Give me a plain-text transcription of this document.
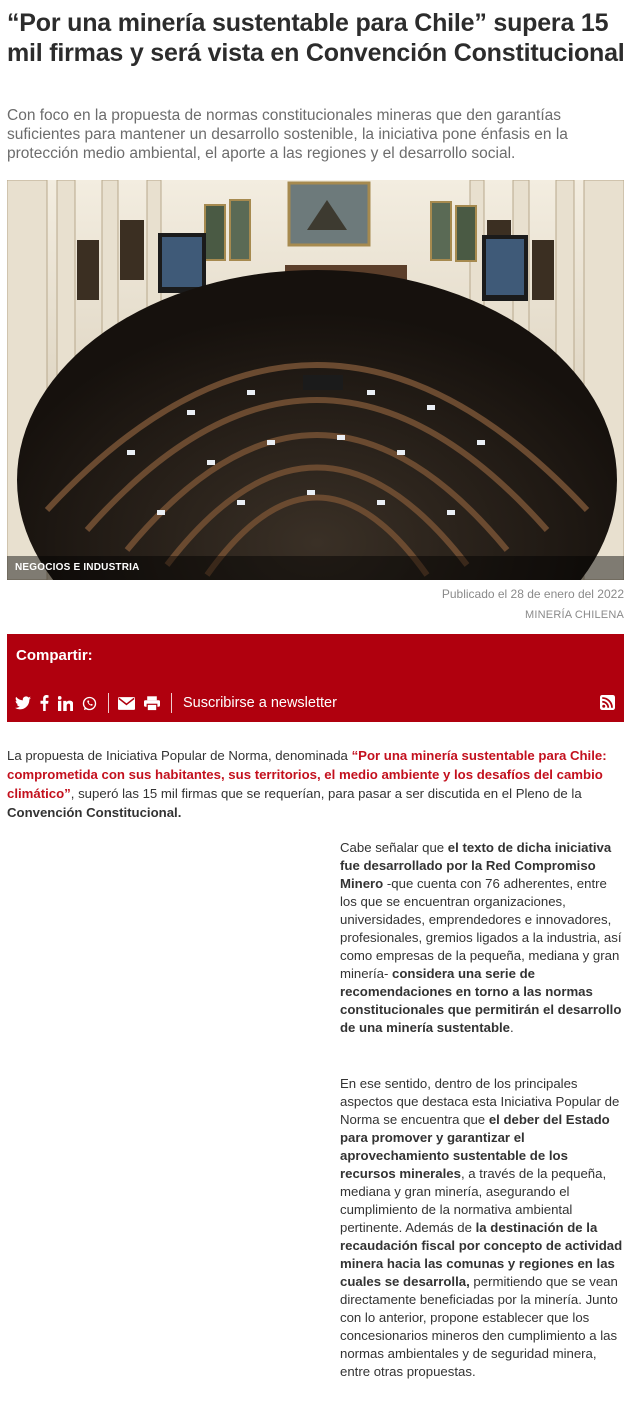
“Por una minería sustentable para Chile” supera 15 mil firmas y será vista en Convención Constitucional

Con foco en la propuesta de normas constitucionales mineras que den garantías suficientes para mantener un desarrollo sostenible, la iniciativa pone énfasis en la protección medio ambiental, el aporte a las regiones y el desarrollo social.

NEGOCIOS E INDUSTRIA
Publicado el 28 de enero del 2022
MINERÍA CHILENA
Compartir:
Suscribirse a newsletter

La propuesta de Iniciativa Popular de Norma, denominada “Por una minería sustentable para Chile: comprometida con sus habitantes, sus territorios, el medio ambiente y los desafíos del cambio climático”, superó las 15 mil firmas que se requerían, para pasar a ser discutida en el Pleno de la Convención Constitucional.

Cabe señalar que el texto de dicha iniciativa fue desarrollado por la Red Compromiso Minero -que cuenta con 76 adherentes, entre los que se encuentran organizaciones, universidades, emprendedores e innovadores, profesionales, gremios ligados a la industria, así como empresas de la pequeña, mediana y gran minería- considera una serie de recomendaciones en torno a las normas constitucionales que permitirán el desarrollo de una minería sustentable.

En ese sentido, dentro de los principales aspectos que destaca esta Iniciativa Popular de Norma se encuentra que el deber del Estado para promover y garantizar el aprovechamiento sustentable de los recursos minerales, a través de la pequeña, mediana y gran minería, asegurando el cumplimiento de la normativa ambiental pertinente. Además de la destinación de la recaudación fiscal por concepto de actividad minera hacia las comunas y regiones en las cuales se desarrolla, permitiendo que se vean directamente beneficiadas por la minería. Junto con lo anterior, propone establecer que los concesionarios mineros den cumplimiento a las normas ambientales y de seguridad minera, entre otras propuestas.
